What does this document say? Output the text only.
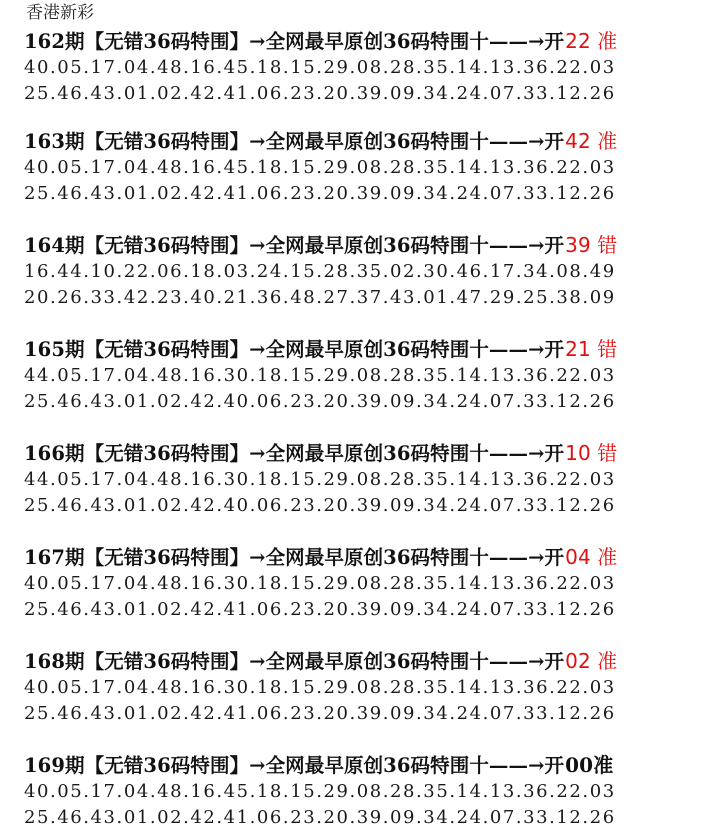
香港新彩
162期【无错36码特围】→全网最早原创36码特围十——→开22 准
40.05.17.04.48.16.45.18.15.29.08.28.35.14.13.36.22.03
25.46.43.01.02.42.41.06.23.20.39.09.34.24.07.33.12.26
163期【无错36码特围】→全网最早原创36码特围十——→开42 准
40.05.17.04.48.16.45.18.15.29.08.28.35.14.13.36.22.03
25.46.43.01.02.42.41.06.23.20.39.09.34.24.07.33.12.26
164期【无错36码特围】→全网最早原创36码特围十——→开39 错
16.44.10.22.06.18.03.24.15.28.35.02.30.46.17.34.08.49
20.26.33.42.23.40.21.36.48.27.37.43.01.47.29.25.38.09
165期【无错36码特围】→全网最早原创36码特围十——→开21 错
44.05.17.04.48.16.30.18.15.29.08.28.35.14.13.36.22.03
25.46.43.01.02.42.40.06.23.20.39.09.34.24.07.33.12.26
166期【无错36码特围】→全网最早原创36码特围十——→开10 错
44.05.17.04.48.16.30.18.15.29.08.28.35.14.13.36.22.03
25.46.43.01.02.42.40.06.23.20.39.09.34.24.07.33.12.26
167期【无错36码特围】→全网最早原创36码特围十——→开04 准
40.05.17.04.48.16.30.18.15.29.08.28.35.14.13.36.22.03
25.46.43.01.02.42.41.06.23.20.39.09.34.24.07.33.12.26
168期【无错36码特围】→全网最早原创36码特围十——→开02 准
40.05.17.04.48.16.30.18.15.29.08.28.35.14.13.36.22.03
25.46.43.01.02.42.41.06.23.20.39.09.34.24.07.33.12.26
169期【无错36码特围】→全网最早原创36码特围十——→开00准
40.05.17.04.48.16.45.18.15.29.08.28.35.14.13.36.22.03
25.46.43.01.02.42.41.06.23.20.39.09.34.24.07.33.12.26
